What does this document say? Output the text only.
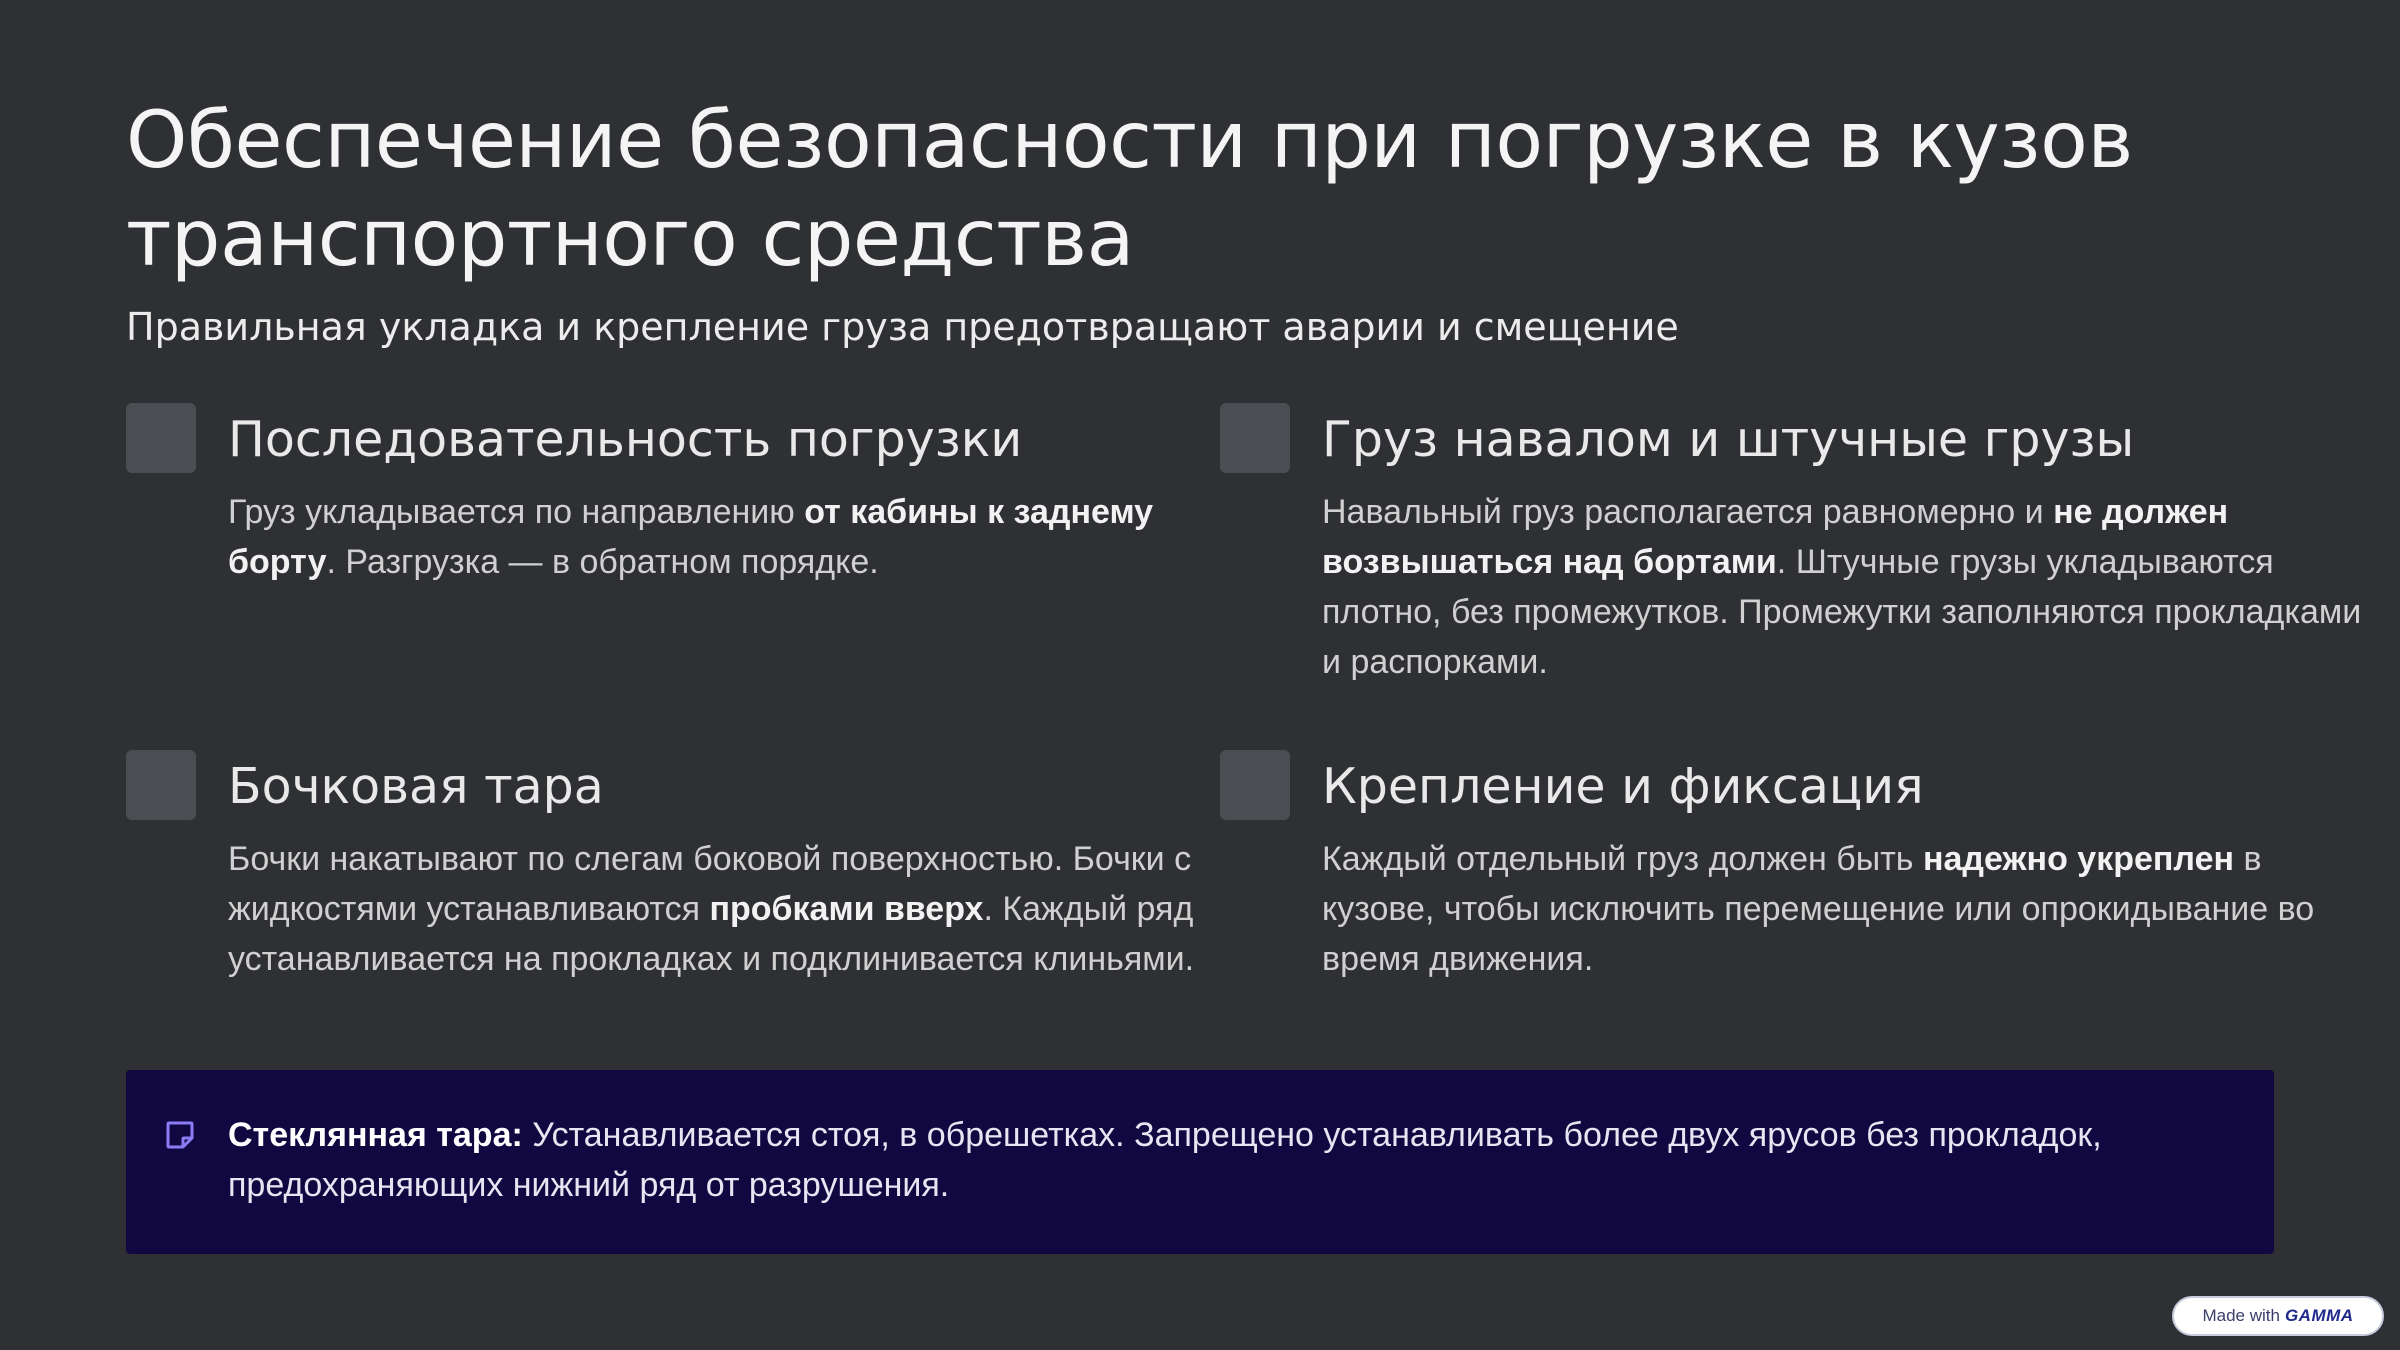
Обеспечение безопасности при погрузке в кузов транспортного средства
Правильная укладка и крепление груза предотвращают аварии и смещение
Последовательность погрузки
Груз укладывается по направлению от кабины к заднему борту. Разгрузка — в обратном порядке.
Груз навалом и штучные грузы
Навальный груз располагается равномерно и не должен возвышаться над бортами. Штучные грузы укладываются плотно, без промежутков. Промежутки заполняются прокладками и распорками.
Бочковая тара
Бочки накатывают по слегам боковой поверхностью. Бочки с жидкостями устанавливаются пробками вверх. Каждый ряд устанавливается на прокладках и подклинивается клиньями.
Крепление и фиксация
Каждый отдельный груз должен быть надежно укреплен в кузове, чтобы исключить перемещение или опрокидывание во время движения.
Стеклянная тара: Устанавливается стоя, в обрешетках. Запрещено устанавливать более двух ярусов без прокладок, предохраняющих нижний ряд от разрушения.
Made with GAMMA
